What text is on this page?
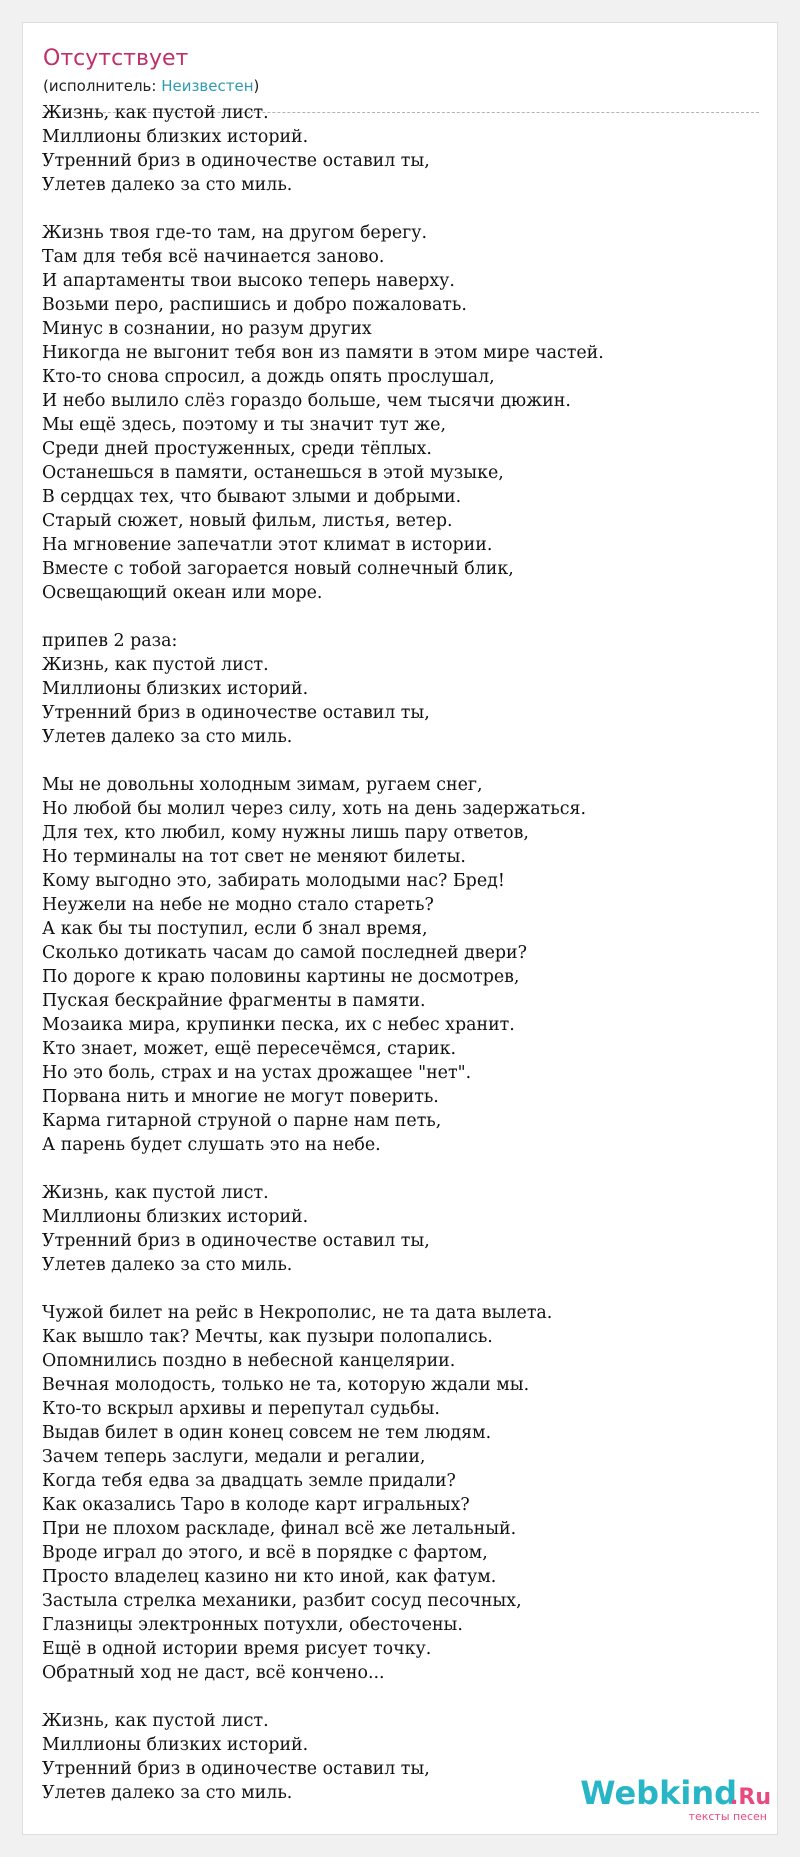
Отсутствует
(исполнитель: Неизвестен)
Жизнь, как пустой лист.
Миллионы близких историй.
Утренний бриз в одиночестве оставил ты,
Улетев далеко за сто миль.
Жизнь твоя где-то там, на другом берегу.
Там для тебя всё начинается заново.
И апартаменты твои высоко теперь наверху.
Возьми перо, распишись и добро пожаловать.
Минус в сознании, но разум других
Никогда не выгонит тебя вон из памяти в этом мире частей.
Кто-то снова спросил, а дождь опять прослушал,
И небо вылило слёз гораздо больше, чем тысячи дюжин.
Мы ещё здесь, поэтому и ты значит тут же,
Среди дней простуженных, среди тёплых.
Останешься в памяти, останешься в этой музыке,
В сердцах тех, что бывают злыми и добрыми.
Старый сюжет, новый фильм, листья, ветер.
На мгновение запечатли этот климат в истории.
Вместе с тобой загорается новый солнечный блик,
Освещающий океан или море.
припев 2 раза:
Жизнь, как пустой лист.
Миллионы близких историй.
Утренний бриз в одиночестве оставил ты,
Улетев далеко за сто миль.
Мы не довольны холодным зимам, ругаем снег,
Но любой бы молил через силу, хоть на день задержаться.
Для тех, кто любил, кому нужны лишь пару ответов,
Но терминалы на тот свет не меняют билеты.
Кому выгодно это, забирать молодыми нас? Бред!
Неужели на небе не модно стало стареть?
А как бы ты поступил, если б знал время,
Сколько дотикать часам до самой последней двери?
По дороге к краю половины картины не досмотрев,
Пуская бескрайние фрагменты в памяти.
Мозаика мира, крупинки песка, их с небес хранит.
Кто знает, может, ещё пересечёмся, старик.
Но это боль, страх и на устах дрожащее "нет".
Порвана нить и многие не могут поверить.
Карма гитарной струной о парне нам петь,
А парень будет слушать это на небе.
Жизнь, как пустой лист.
Миллионы близких историй.
Утренний бриз в одиночестве оставил ты,
Улетев далеко за сто миль.
Чужой билет на рейс в Некрополис, не та дата вылета.
Как вышло так? Мечты, как пузыри полопались.
Опомнились поздно в небесной канцелярии.
Вечная молодость, только не та, которую ждали мы.
Кто-то вскрыл архивы и перепутал судьбы.
Выдав билет в один конец совсем не тем людям.
Зачем теперь заслуги, медали и регалии,
Когда тебя едва за двадцать земле придали?
Как оказались Таро в колоде карт игральных?
При не плохом раскладе, финал всё же летальный.
Вроде играл до этого, и всё в порядке с фартом,
Просто владелец казино ни кто иной, как фатум.
Застыла стрелка механики, разбит сосуд песочных,
Глазницы электронных потухли, обесточены.
Ещё в одной истории время рисует точку.
Обратный ход не даст, всё кончено...
Жизнь, как пустой лист.
Миллионы близких историй.
Утренний бриз в одиночестве оставил ты,
Улетев далеко за сто миль.	Webkind
.Ru
тексты песен
